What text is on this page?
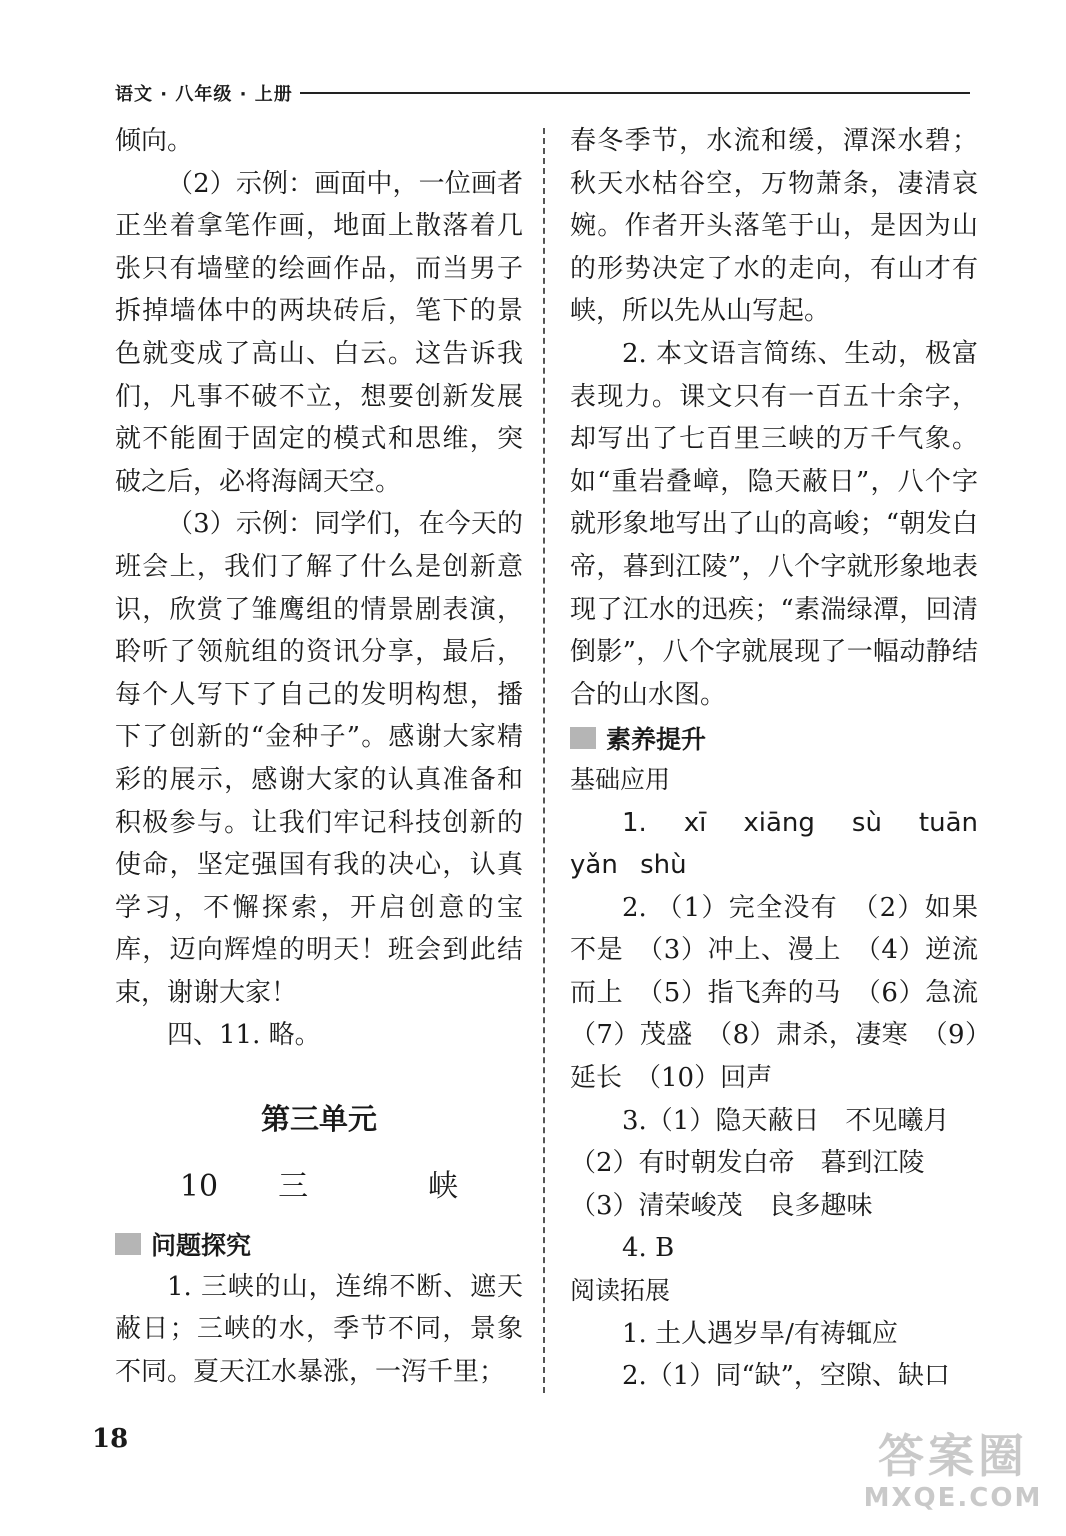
语文 · 八年级 · 上册

倾向。

（2）示例：画面中，一位画者正坐着拿笔作画，地面上散落着几张只有墙壁的绘画作品，而当男子拆掉墙体中的两块砖后，笔下的景色就变成了高山、白云。这告诉我们，凡事不破不立，想要创新发展就不能囿于固定的模式和思维，突破之后，必将海阔天空。

（3）示例：同学们，在今天的班会上，我们了解了什么是创新意识，欣赏了雏鹰组的情景剧表演，聆听了领航组的资讯分享，最后，每个人写下了自己的发明构想，播下了创新的“金种子”。感谢大家精彩的展示，感谢大家的认真准备和积极参与。让我们牢记科技创新的使命，坚定强国有我的决心，认真学习，不懈探索，开启创意的宝库，迈向辉煌的明天！班会到此结束，谢谢大家！

四、11. 略。

第三单元
10 三	峡
问题探究

1. 三峡的山，连绵不断、遮天蔽日；三峡的水，季节不同，景象不同。夏天江水暴涨，一泻千里；

春冬季节，水流和缓，潭深水碧；秋天水枯谷空，万物萧条，凄清哀婉。作者开头落笔于山，是因为山的形势决定了水的走向，有山才有峡，所以先从山写起。

2. 本文语言简练、生动，极富表现力。课文只有一百五十余字，却写出了七百里三峡的万千气象。如“重岩叠嶂，隐天蔽日”，八个字就形象地写出了山的高峻；“朝发白帝，暮到江陵”，八个字就形象地表现了江水的迅疾；“素湍绿潭，回清倒影”，八个字就展现了一幅动静结合的山水图。

素养提升
基础应用

1. xī xiāng sù tuān yǎn shù

2. （1）完全没有　（2）如果不是　（3）冲上、漫上　（4）逆流而上　（5）指飞奔的马　（6）急流　（7）茂盛　（8）肃杀，凄寒　（9）延长　（10）回声

3.（1）隐天蔽日　不见曦月

（2）有时朝发白帝　暮到江陵

（3）清荣峻茂　良多趣味

4. B

阅读拓展

1. 土人遇岁旱/有祷辄应

2.（1）同“缺”，空隙、缺口

18	答案圈
MXQE.COM
